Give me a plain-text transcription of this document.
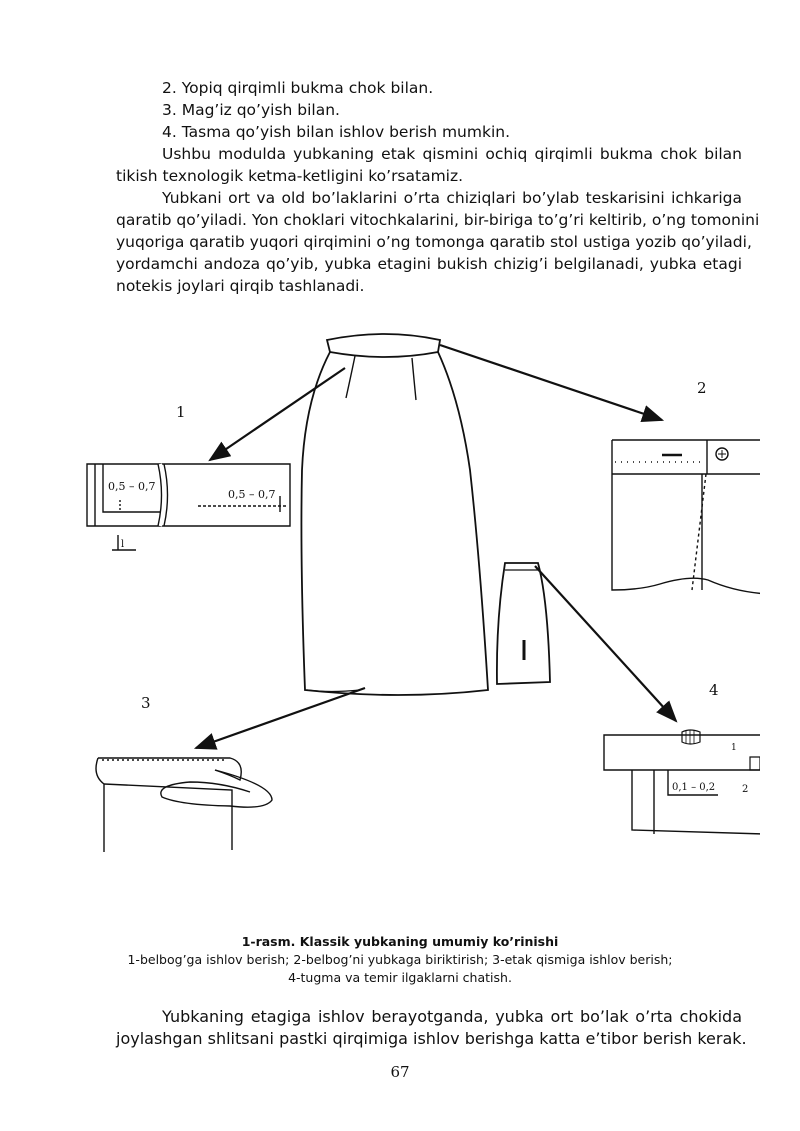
2. Yopiq qirqimli bukma chok bilan.
3. Mag’iz qo’yish bilan.
4. Tasma qo’yish bilan ishlov berish mumkin.
Ushbu modulda yubkaning etak qismini ochiq qirqimli bukma chok bilan
tikish texnologik ketma-ketligini ko’rsatamiz.
Yubkani ort va old bo’laklarini o’rta chiziqlari bo’ylab teskarisini ichkariga
qaratib qo’yiladi. Yon choklari vitochkalarini, bir-biriga to’g’ri keltirib, o’ng tomonini
yuqoriga qaratib yuqori qirqimini o’ng tomonga qaratib stol ustiga yozib qo’yiladi,
yordamchi andoza qo’yib, yubka etagini bukish chizig’i belgilanadi, yubka etagi
notekis joylari qirqib tashlanadi.
0,5 – 0,7
0,5 – 0,7
l
0,1 – 0,2	2
1
1
2
3
4
1-rasm. Klassik yubkaning umumiy ko’rinishi
1-belbog’ga ishlov berish; 2-belbog’ni yubkaga biriktirish; 3-etak qismiga ishlov berish;
4-tugma va temir ilgaklarni chatish.
Yubkaning etagiga ishlov berayotganda, yubka ort bo’lak o’rta chokida
joylashgan shlitsani pastki qirqimiga ishlov berishga katta e’tibor berish kerak.
67
